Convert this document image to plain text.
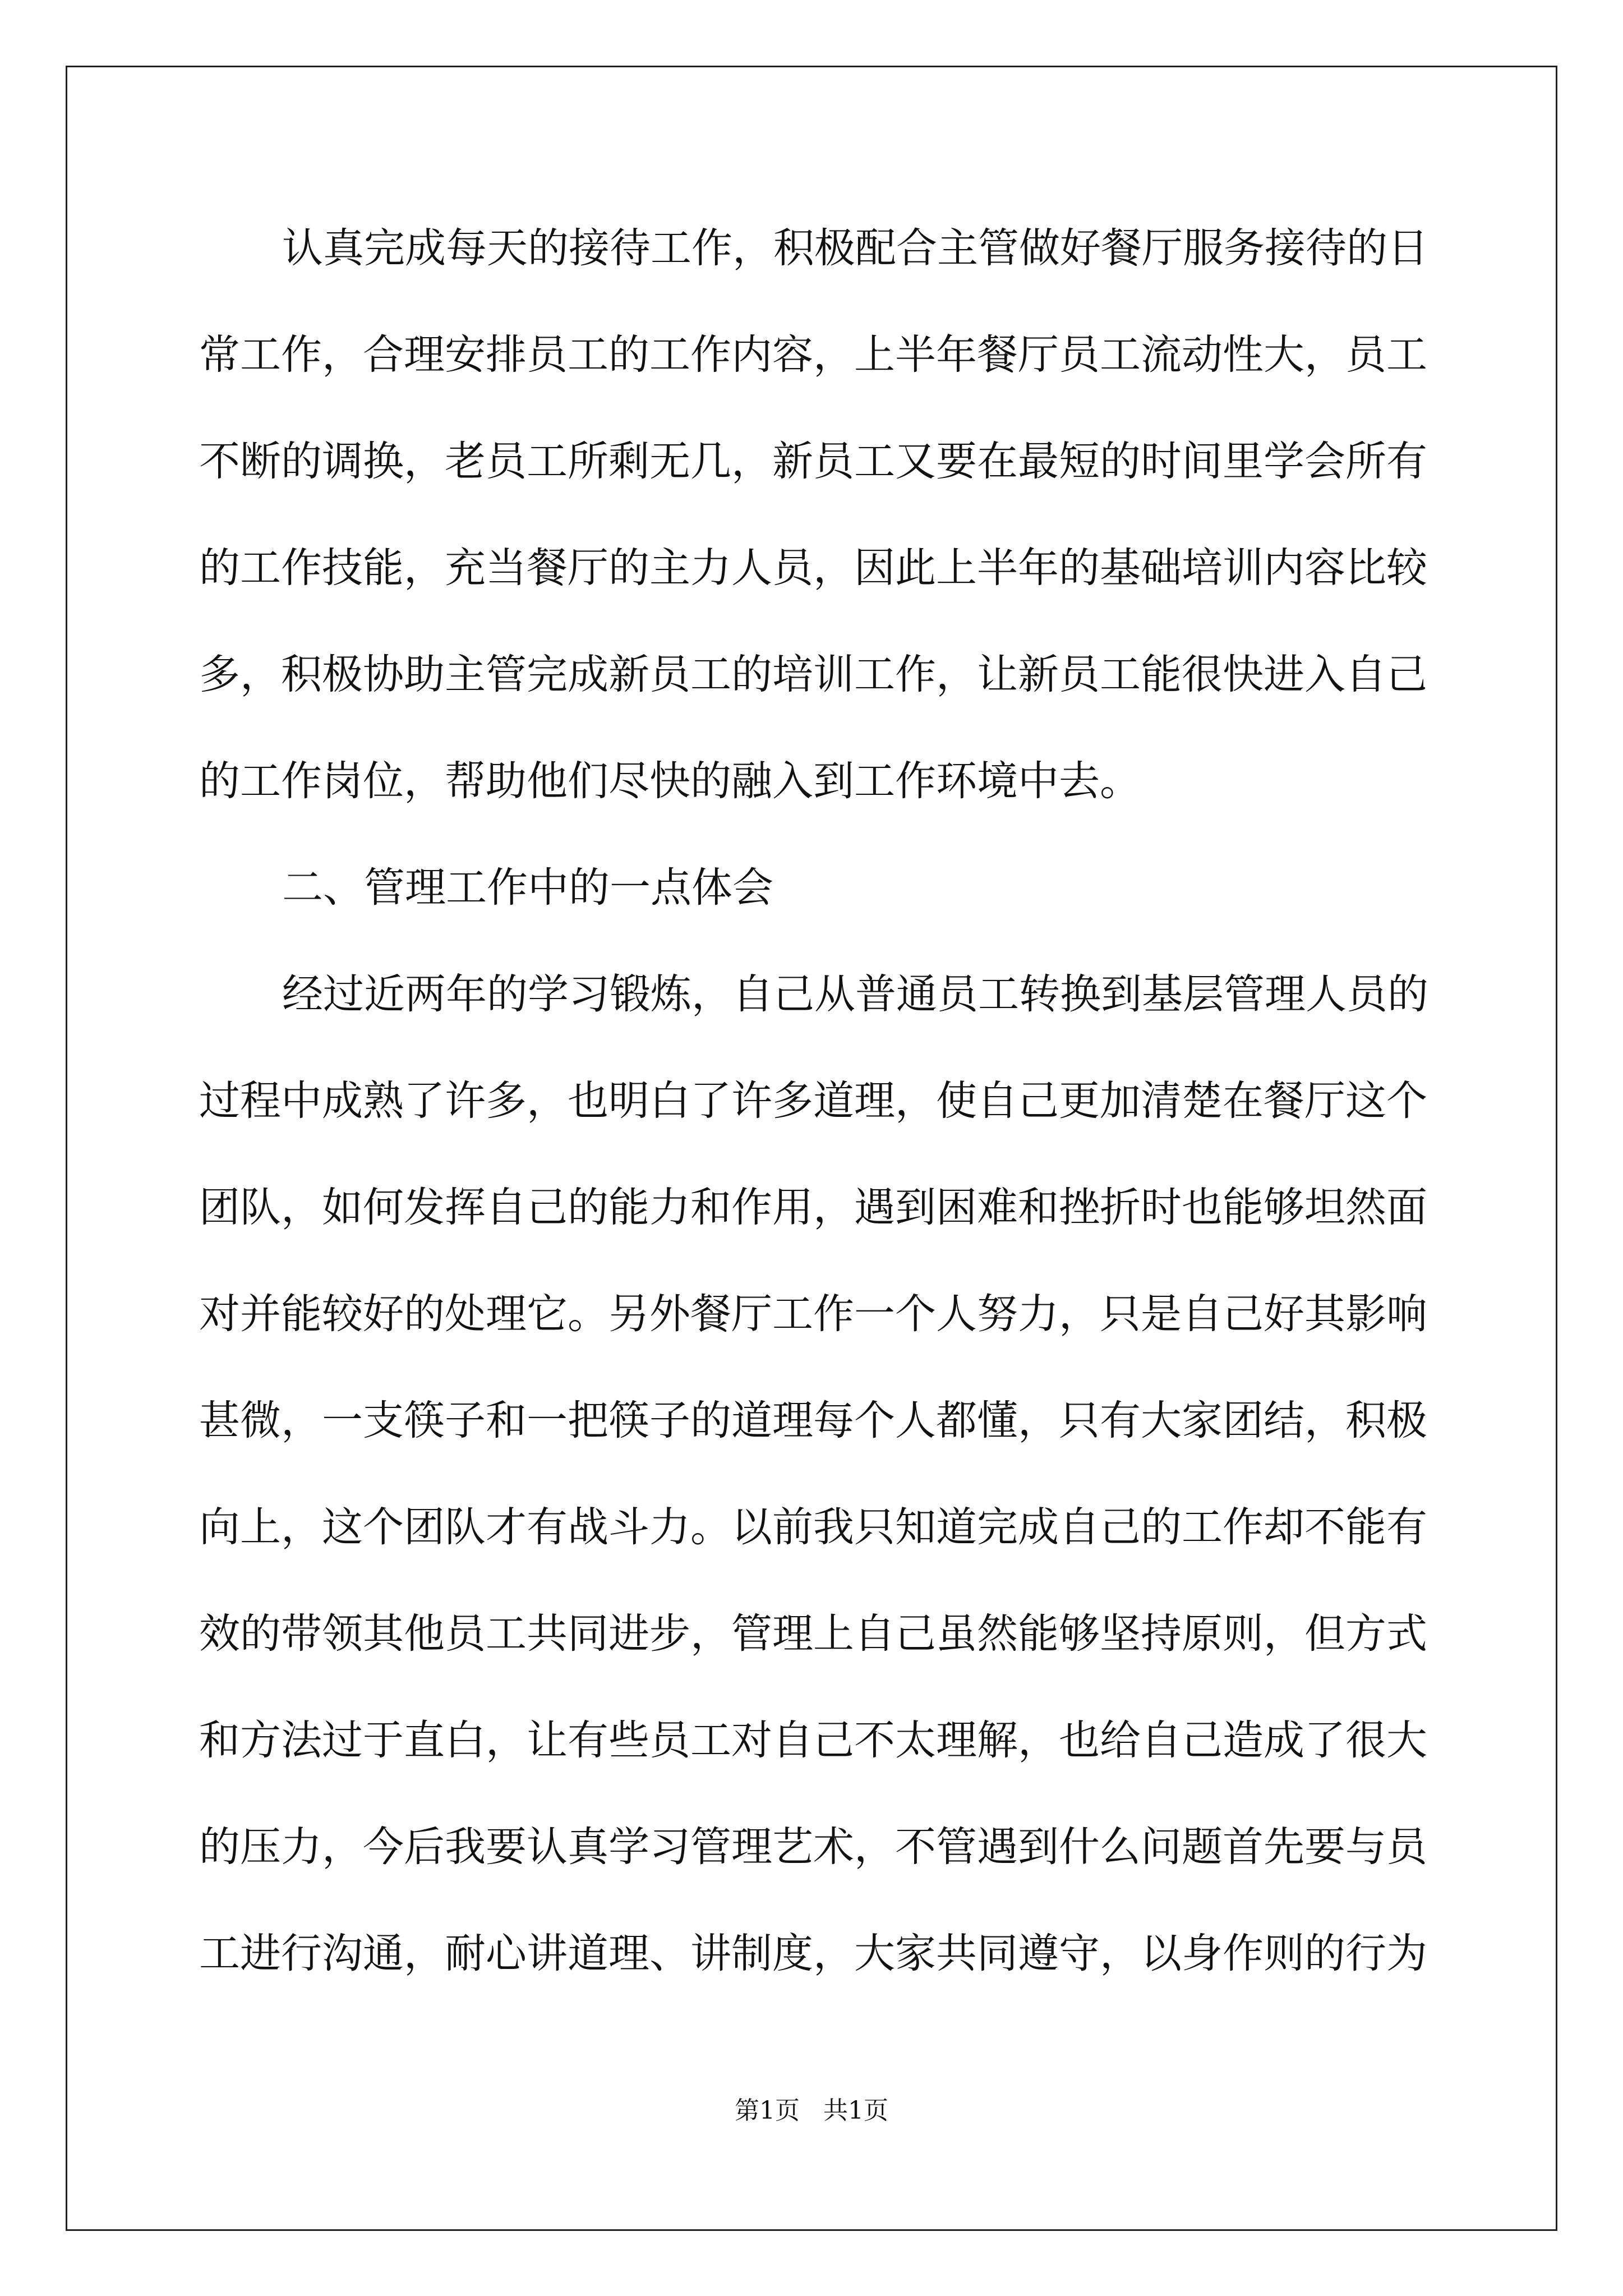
认真完成每天的接待工作，积极配合主管做好餐厅服务接待的日
常工作，合理安排员工的工作内容，上半年餐厅员工流动性大，员工
不断的调换，老员工所剩无几，新员工又要在最短的时间里学会所有
的工作技能，充当餐厅的主力人员，因此上半年的基础培训内容比较
多，积极协助主管完成新员工的培训工作，让新员工能很快进入自己
的工作岗位，帮助他们尽快的融入到工作环境中去。
二、管理工作中的一点体会
经过近两年的学习锻炼，自己从普通员工转换到基层管理人员的
过程中成熟了许多，也明白了许多道理，使自己更加清楚在餐厅这个
团队，如何发挥自己的能力和作用，遇到困难和挫折时也能够坦然面
对并能较好的处理它。另外餐厅工作一个人努力，只是自己好其影响
甚微，一支筷子和一把筷子的道理每个人都懂，只有大家团结，积极
向上，这个团队才有战斗力。以前我只知道完成自己的工作却不能有
效的带领其他员工共同进步，管理上自己虽然能够坚持原则，但方式
和方法过于直白，让有些员工对自己不太理解，也给自己造成了很大
的压力，今后我要认真学习管理艺术，不管遇到什么问题首先要与员
工进行沟通，耐心讲道理、讲制度，大家共同遵守，以身作则的行为
第1页   共1页
